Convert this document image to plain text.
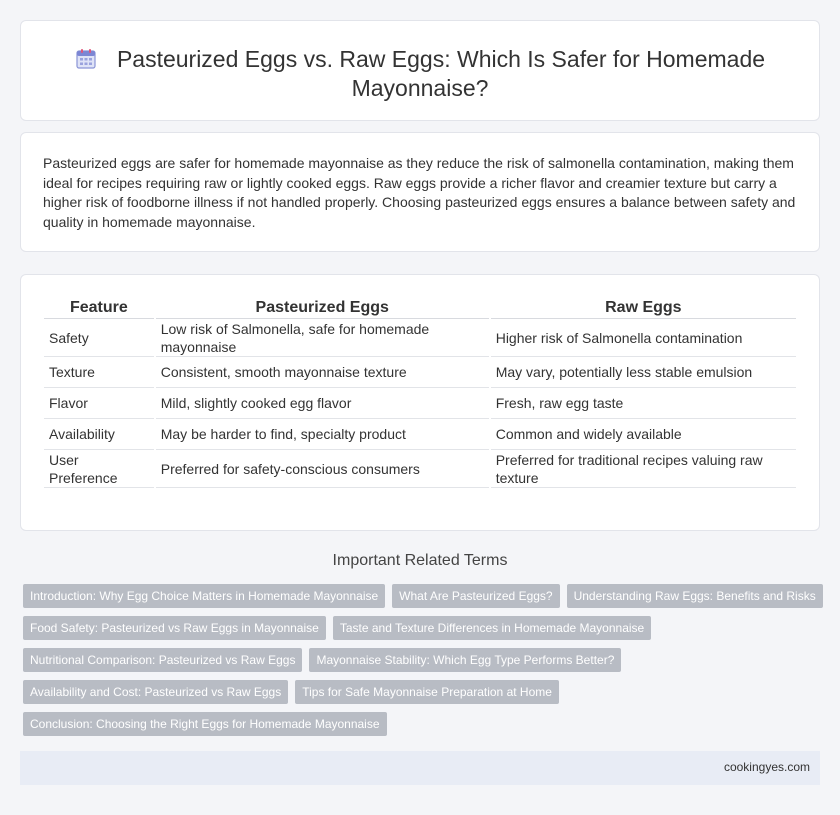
Pasteurized Eggs vs. Raw Eggs: Which Is Safer for Homemade Mayonnaise?

Pasteurized eggs are safer for homemade mayonnaise as they reduce the risk of salmonella contamination, making them ideal for recipes requiring raw or lightly cooked eggs. Raw eggs provide a richer flavor and creamier texture but carry a higher risk of foodborne illness if not handled properly. Choosing pasteurized eggs ensures a balance between safety and quality in homemade mayonnaise.

Feature	Pasteurized Eggs	Raw Eggs
Safety	Low risk of Salmonella, safe for homemade mayonnaise	Higher risk of Salmonella contamination
Texture	Consistent, smooth mayonnaise texture	May vary, potentially less stable emulsion
Flavor	Mild, slightly cooked egg flavor	Fresh, raw egg taste
Availability	May be harder to find, specialty product	Common and widely available
User Preference	Preferred for safety-conscious consumers	Preferred for traditional recipes valuing raw texture
Important Related Terms
Introduction: Why Egg Choice Matters in Homemade Mayonnaise	What Are Pasteurized Eggs?	Understanding Raw Eggs: Benefits and Risks
Food Safety: Pasteurized vs Raw Eggs in Mayonnaise	Taste and Texture Differences in Homemade Mayonnaise
Nutritional Comparison: Pasteurized vs Raw Eggs	Mayonnaise Stability: Which Egg Type Performs Better?
Availability and Cost: Pasteurized vs Raw Eggs	Tips for Safe Mayonnaise Preparation at Home
Conclusion: Choosing the Right Eggs for Homemade Mayonnaise
cookingyes.com
